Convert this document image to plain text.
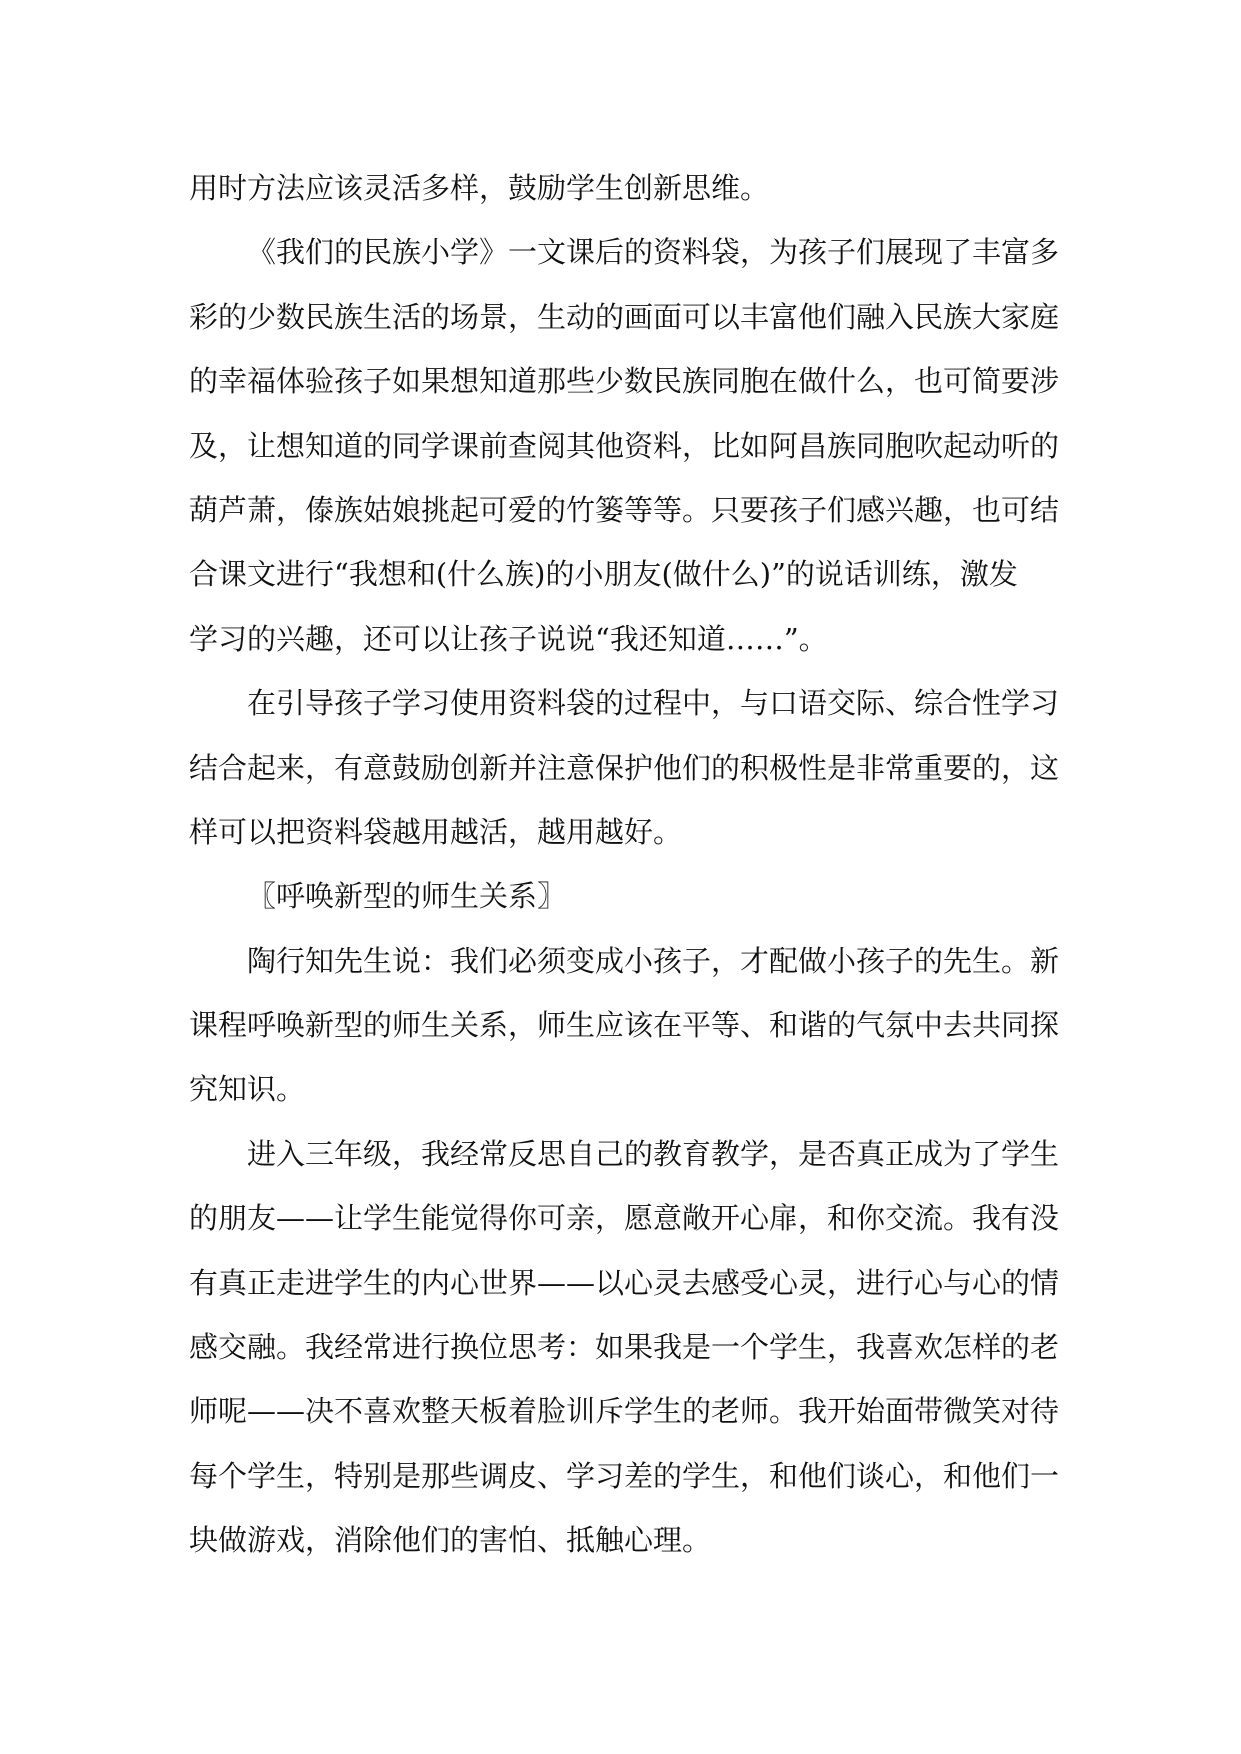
用时方法应该灵活多样，鼓励学生创新思维。
《我们的民族小学》一文课后的资料袋，为孩子们展现了丰富多
彩的少数民族生活的场景，生动的画面可以丰富他们融入民族大家庭
的幸福体验孩子如果想知道那些少数民族同胞在做什么，也可简要涉
及，让想知道的同学课前查阅其他资料，比如阿昌族同胞吹起动听的
葫芦萧，傣族姑娘挑起可爱的竹篓等等。只要孩子们感兴趣，也可结
合课文进行“我想和(什么族)的小朋友(做什么)”的说话训练，激发
学习的兴趣，还可以让孩子说说“我还知道……”。
在引导孩子学习使用资料袋的过程中，与口语交际、综合性学习
结合起来，有意鼓励创新并注意保护他们的积极性是非常重要的，这
样可以把资料袋越用越活，越用越好。
〖呼唤新型的师生关系〗
陶行知先生说：我们必须变成小孩子，才配做小孩子的先生。新
课程呼唤新型的师生关系，师生应该在平等、和谐的气氛中去共同探
究知识。
进入三年级，我经常反思自己的教育教学，是否真正成为了学生
的朋友——让学生能觉得你可亲，愿意敞开心扉，和你交流。我有没
有真正走进学生的内心世界——以心灵去感受心灵，进行心与心的情
感交融。我经常进行换位思考：如果我是一个学生，我喜欢怎样的老
师呢——决不喜欢整天板着脸训斥学生的老师。我开始面带微笑对待
每个学生，特别是那些调皮、学习差的学生，和他们谈心，和他们一
块做游戏，消除他们的害怕、抵触心理。
